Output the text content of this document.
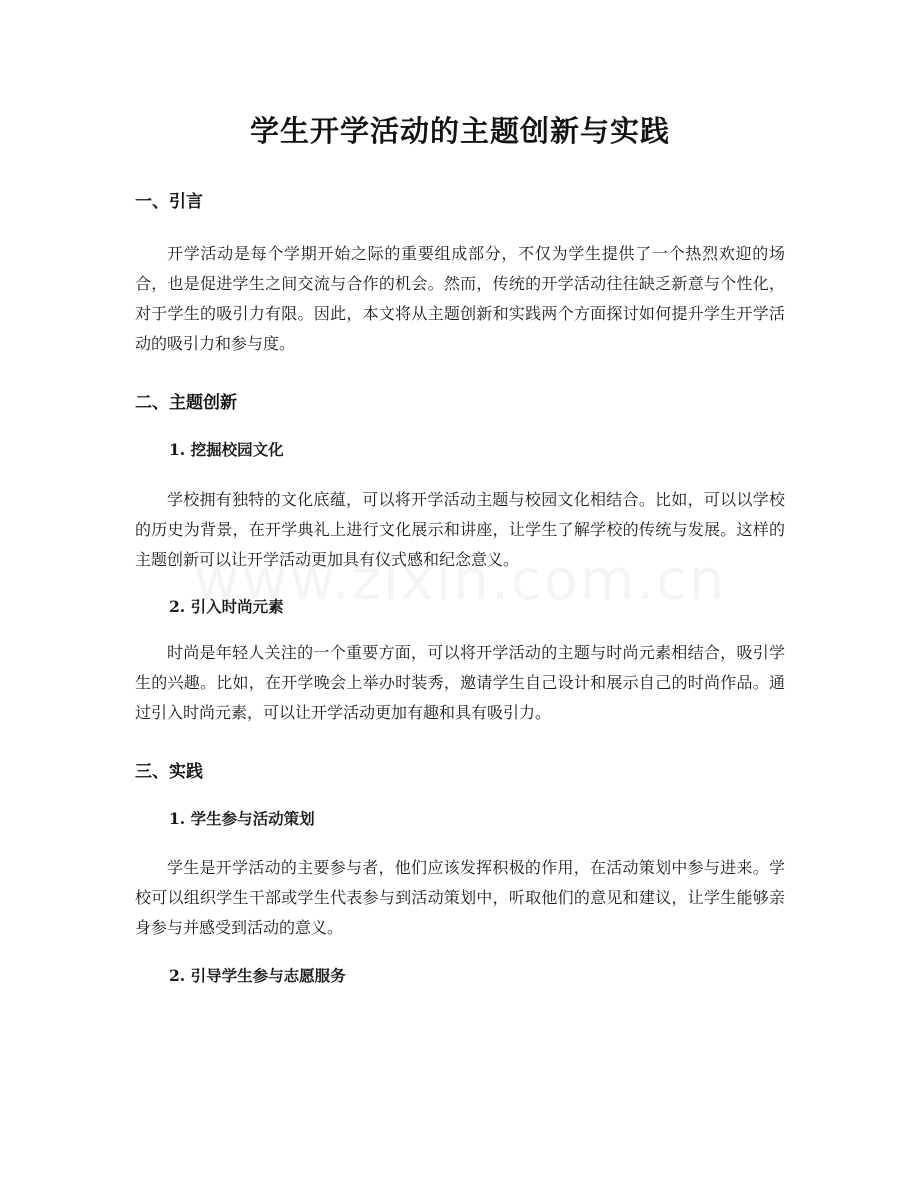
学生开学活动的主题创新与实践
一、引言

开学活动是每个学期开始之际的重要组成部分，不仅为学生提供了一个热烈欢迎的场合，也是促进学生之间交流与合作的机会。然而，传统的开学活动往往缺乏新意与个性化，对于学生的吸引力有限。因此，本文将从主题创新和实践两个方面探讨如何提升学生开学活动的吸引力和参与度。

二、主题创新
1. 挖掘校园文化

学校拥有独特的文化底蕴，可以将开学活动主题与校园文化相结合。比如，可以以学校的历史为背景，在开学典礼上进行文化展示和讲座，让学生了解学校的传统与发展。这样的主题创新可以让开学活动更加具有仪式感和纪念意义。

2. 引入时尚元素

时尚是年轻人关注的一个重要方面，可以将开学活动的主题与时尚元素相结合，吸引学生的兴趣。比如，在开学晚会上举办时装秀，邀请学生自己设计和展示自己的时尚作品。通过引入时尚元素，可以让开学活动更加有趣和具有吸引力。

三、实践
1. 学生参与活动策划

学生是开学活动的主要参与者，他们应该发挥积极的作用，在活动策划中参与进来。学校可以组织学生干部或学生代表参与到活动策划中，听取他们的意见和建议，让学生能够亲身参与并感受到活动的意义。

2. 引导学生参与志愿服务
